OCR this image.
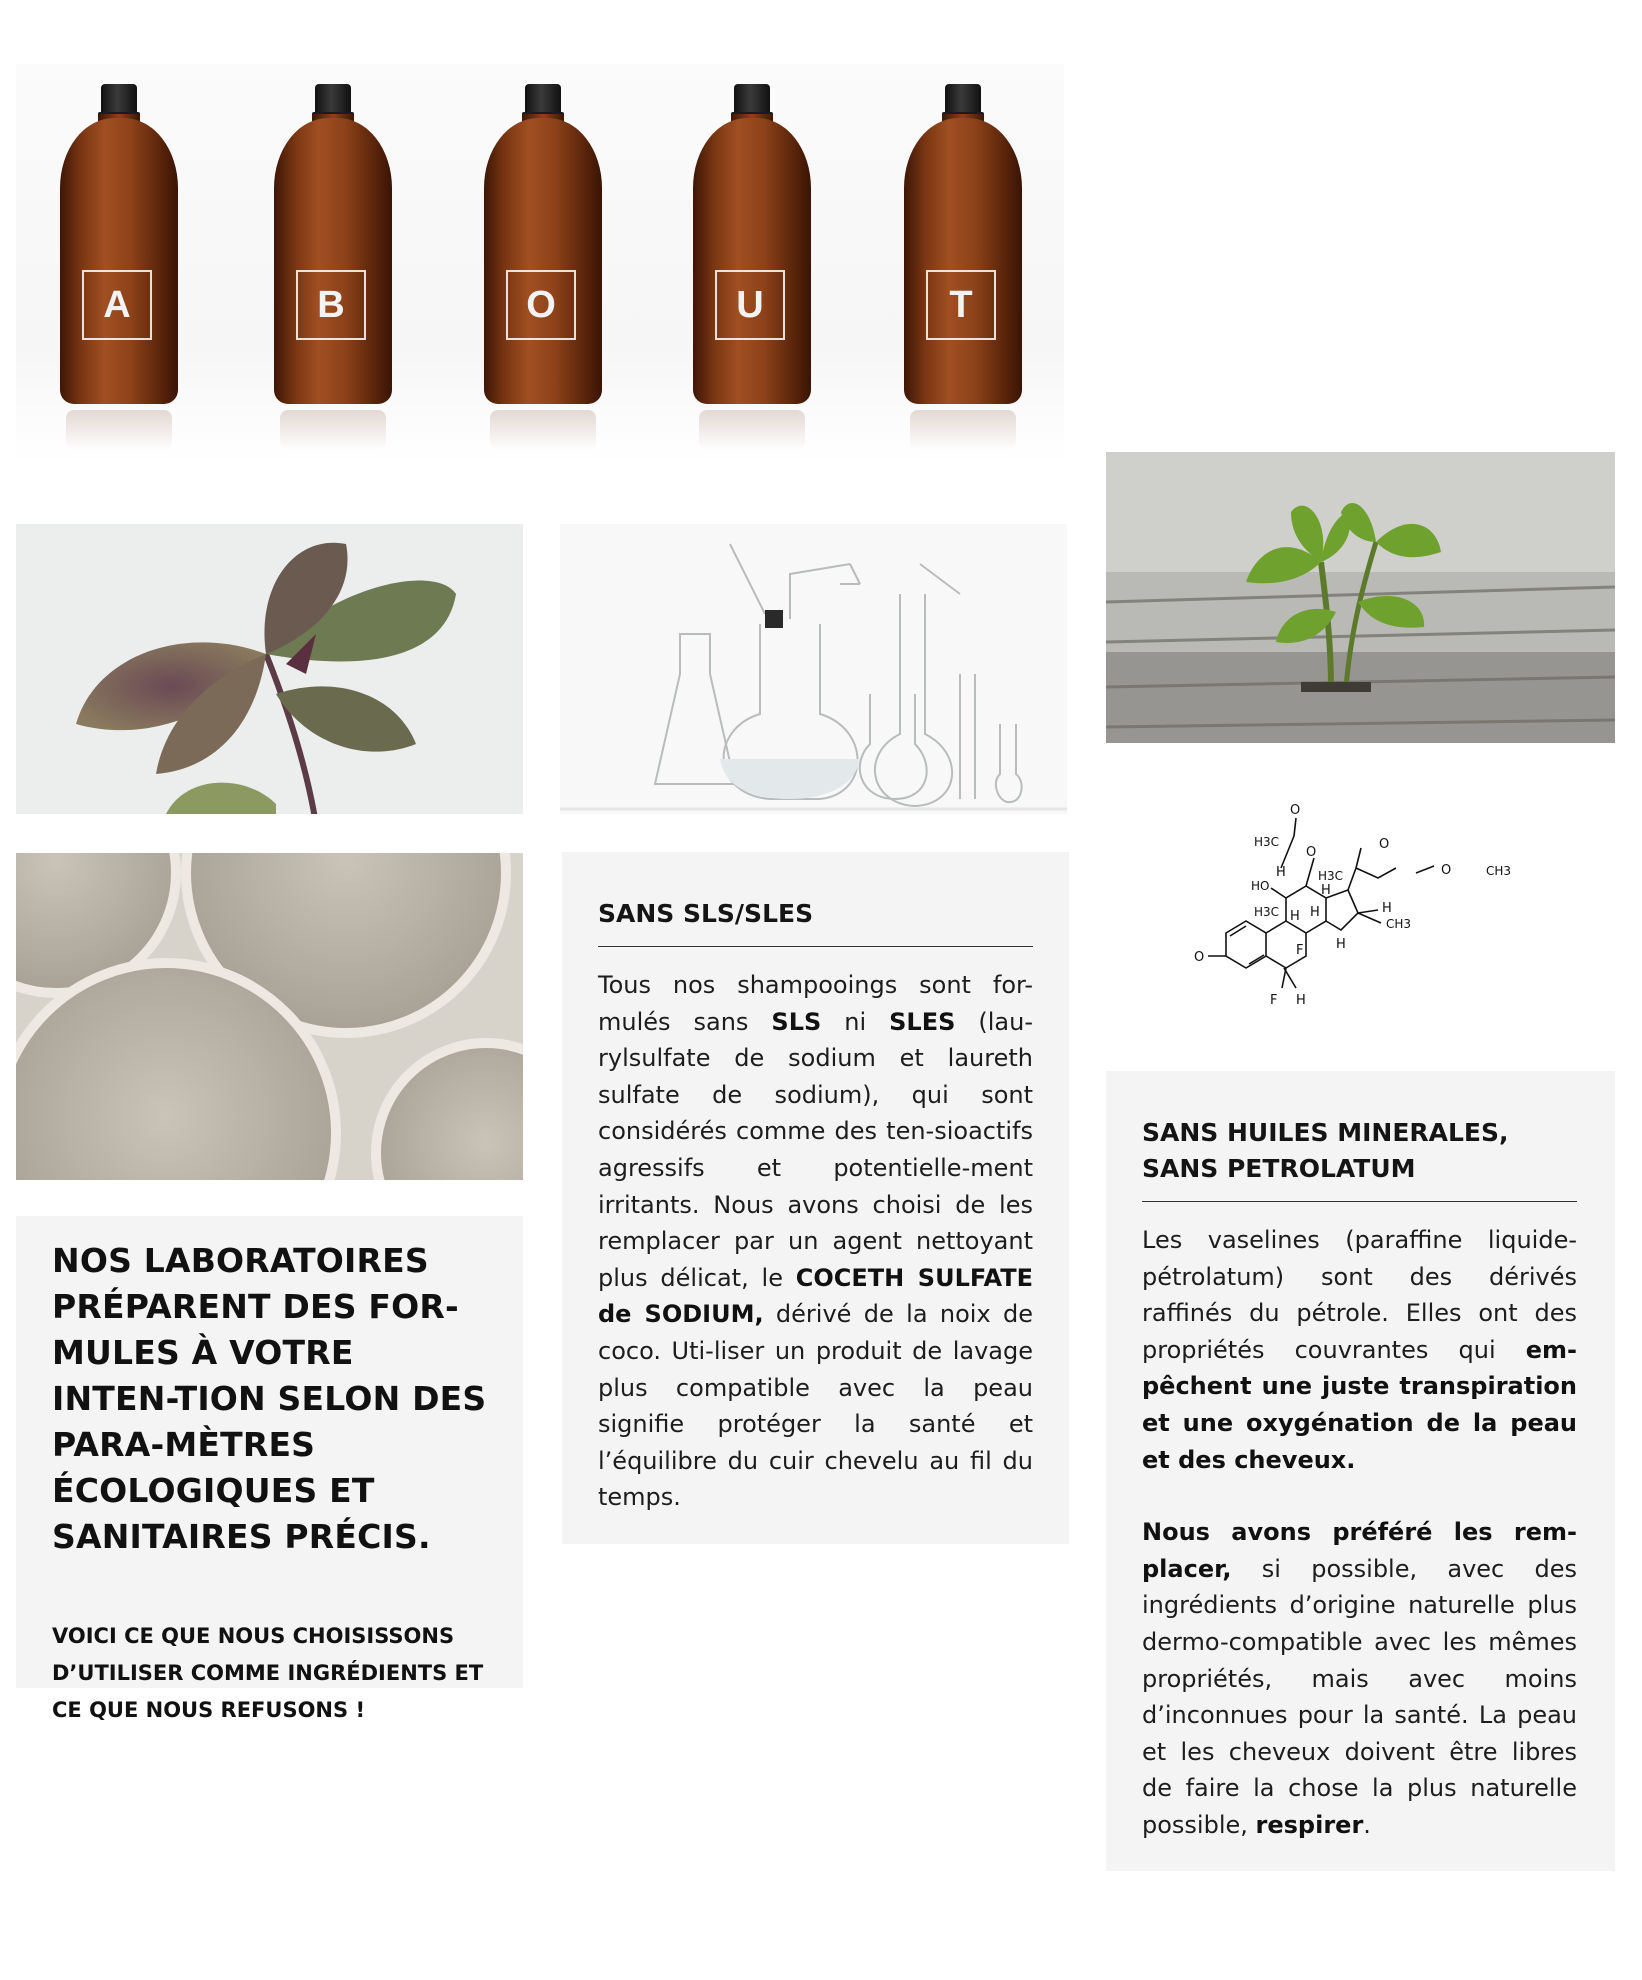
A	B	O	U	T
O
H3C
O
O
CH3
HO
H	H3C
H
O
H3C H
H	CH3
H
H
F
O
F H

NOS LABORATOIRES PRÉPARENT DES FOR-MULES À VOTRE INTEN-TION SELON DES PARA-MÈTRES ÉCOLOGIQUES ET SANITAIRES PRÉCIS.

VOICI CE QUE NOUS CHOISISSONS D’UTILISER COMME INGRÉDIENTS ET CE QUE NOUS REFUSONS !

SANS SLS/SLES

Tous nos shampooings sont for-mulés sans SLS ni SLES (lau-rylsulfate de sodium et laureth sulfate de sodium), qui sont considérés comme des ten-sioactifs agressifs et potentielle-ment irritants. Nous avons choisi de les remplacer par un agent nettoyant plus délicat, le COCETH SULFATE de SODIUM, dérivé de la noix de coco. Uti-liser un produit de lavage plus compatible avec la peau signifie protéger la santé et l’équilibre du cuir chevelu au fil du temps.

SANS HUILES MINERALES,
SANS PETROLATUM

Les vaselines (paraffine liquide-pétrolatum) sont des dérivés raffinés du pétrole. Elles ont des propriétés couvrantes qui em-pêchent une juste transpiration et une oxygénation de la peau et des cheveux.

Nous avons préféré les rem-placer, si possible, avec des ingrédients d’origine naturelle plus dermo-compatible avec les mêmes propriétés, mais avec moins d’inconnues pour la santé. La peau et les cheveux doivent être libres de faire la chose la plus naturelle possible, respirer.
